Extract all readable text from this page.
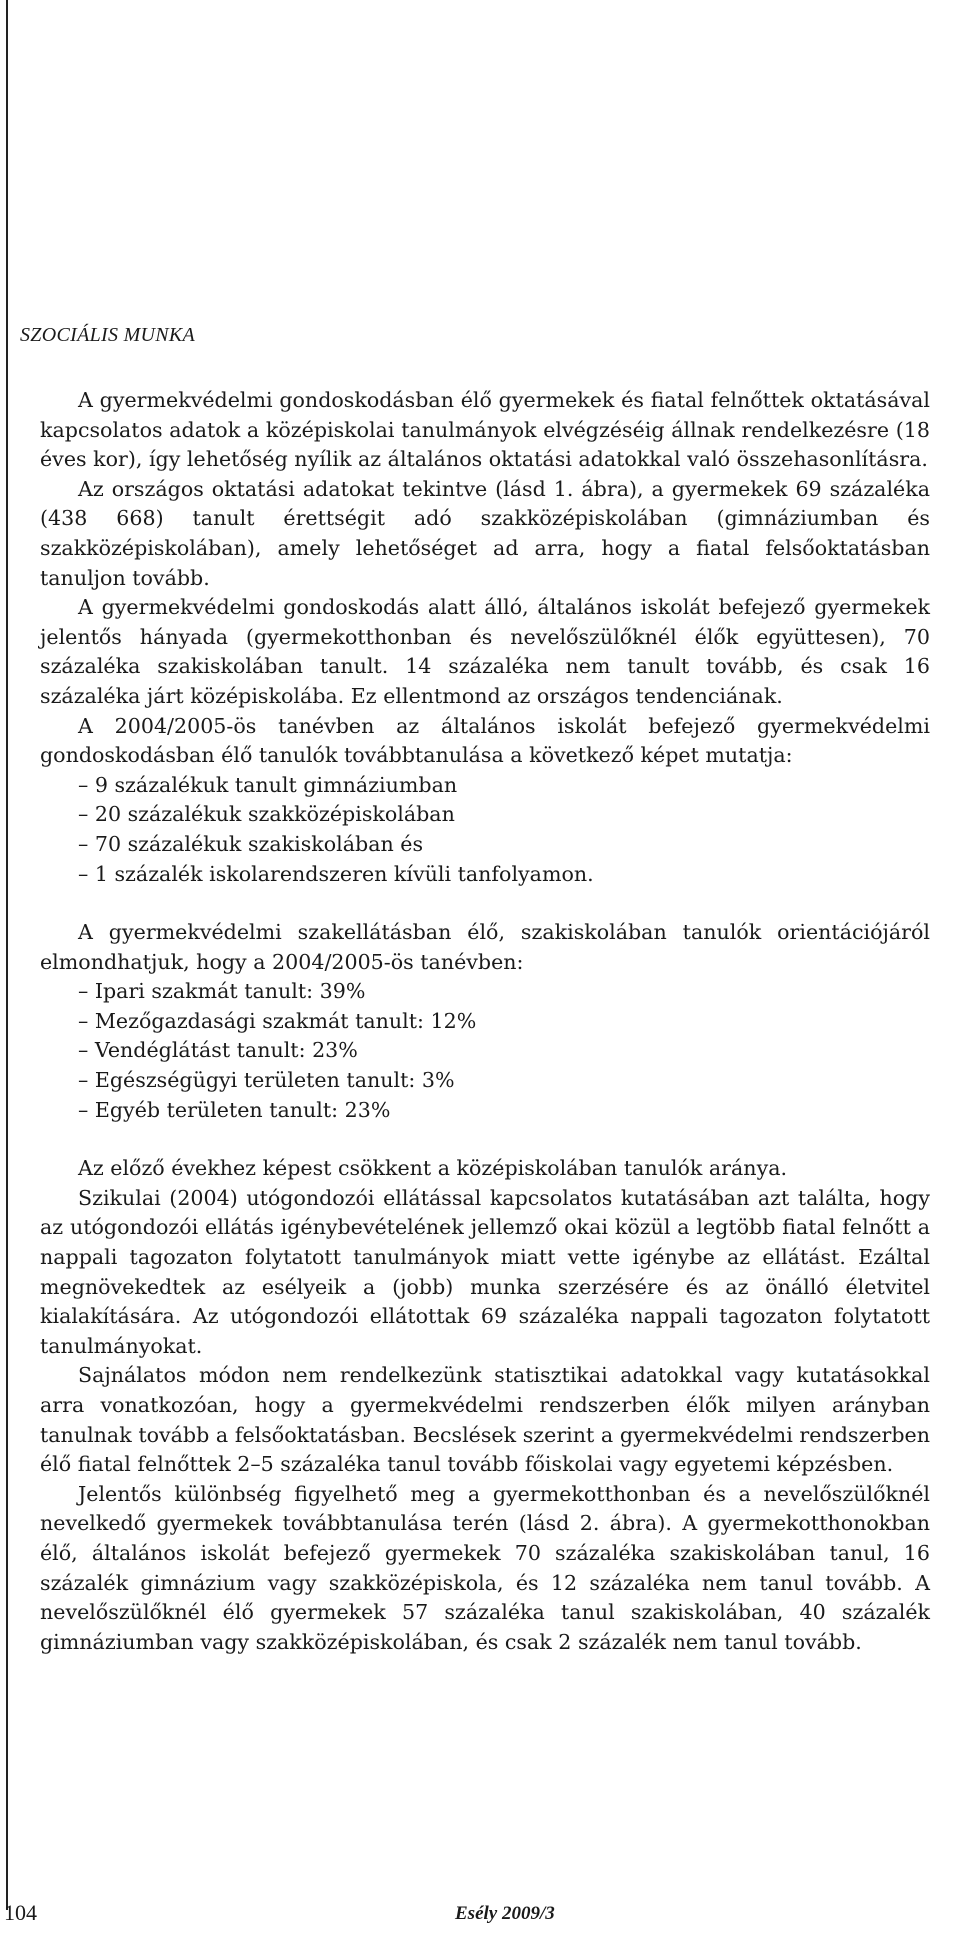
SZOCIÁLIS MUNKA

A gyermekvédelmi gondoskodásban élő gyermekek és fiatal felnőttek oktatásával kapcsolatos adatok a középiskolai tanulmányok elvégzéséig állnak rendelkezésre (18 éves kor), így lehetőség nyílik az általános oktatási adatokkal való összehasonlításra.

Az országos oktatási adatokat tekintve (lásd 1. ábra), a gyermekek 69 százaléka (438 668) tanult érettségit adó szakközépiskolában (gimnáziumban és szakközépiskolában), amely lehetőséget ad arra, hogy a fiatal felsőoktatásban tanuljon tovább.

A gyermekvédelmi gondoskodás alatt álló, általános iskolát befejező gyermekek jelentős hányada (gyermekotthonban és nevelőszülőknél élők együttesen), 70 százaléka szakiskolában tanult. 14 százaléka nem tanult tovább, és csak 16 százaléka járt középiskolába. Ez ellentmond az országos tendenciának.

A 2004/2005-ös tanévben az általános iskolát befejező gyermekvédelmi gondoskodásban élő tanulók továbbtanulása a következő képet mutatja:

– 9 százalékuk tanult gimnáziumban
– 20 százalékuk szakközépiskolában
– 70 százalékuk szakiskolában és
– 1 százalék iskolarendszeren kívüli tanfolyamon.

A gyermekvédelmi szakellátásban élő, szakiskolában tanulók orientációjáról elmondhatjuk, hogy a 2004/2005-ös tanévben:

– Ipari szakmát tanult: 39%
– Mezőgazdasági szakmát tanult: 12%
– Vendéglátást tanult: 23%
– Egészségügyi területen tanult: 3%
– Egyéb területen tanult: 23%

Az előző évekhez képest csökkent a középiskolában tanulók aránya.

Szikulai (2004) utógondozói ellátással kapcsolatos kutatásában azt találta, hogy az utógondozói ellátás igénybevételének jellemző okai közül a legtöbb fiatal felnőtt a nappali tagozaton folytatott tanulmányok miatt vette igénybe az ellátást. Ezáltal megnövekedtek az esélyeik a (jobb) munka szerzésére és az önálló életvitel kialakítására. Az utógondozói ellátottak 69 százaléka nappali tagozaton folytatott tanulmányokat.

Sajnálatos módon nem rendelkezünk statisztikai adatokkal vagy kutatásokkal arra vonatkozóan, hogy a gyermekvédelmi rendszerben élők milyen arányban tanulnak tovább a felsőoktatásban. Becslések szerint a gyermekvédelmi rendszerben élő fiatal felnőttek 2–5 százaléka tanul tovább főiskolai vagy egyetemi képzésben.

Jelentős különbség figyelhető meg a gyermekotthonban és a nevelőszülőknél nevelkedő gyermekek továbbtanulása terén (lásd 2. ábra). A gyermekotthonokban élő, általános iskolát befejező gyermekek 70 százaléka szakiskolában tanul, 16 százalék gimnázium vagy szakközépiskola, és 12 százaléka nem tanul tovább. A nevelőszülőknél élő gyermekek 57 százaléka tanul szakiskolában, 40 százalék gimnáziumban vagy szakközépiskolában, és csak 2 százalék nem tanul tovább.

104	Esély 2009/3
